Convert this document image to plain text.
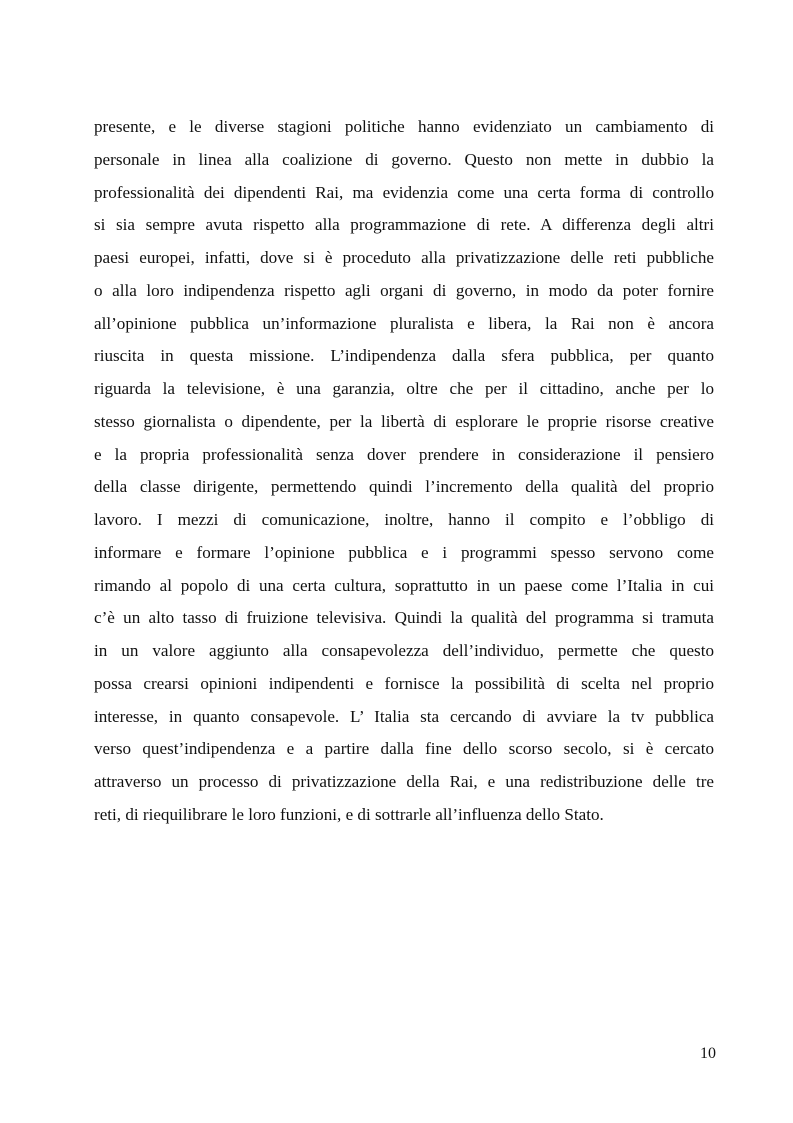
presente, e le diverse stagioni politiche hanno evidenziato un cambiamento di
personale in linea alla coalizione di governo. Questo non mette in dubbio la
professionalità dei dipendenti Rai, ma evidenzia come una certa forma di controllo
si sia sempre avuta rispetto alla programmazione di rete. A differenza degli altri
paesi europei, infatti, dove si è proceduto alla privatizzazione delle reti pubbliche
o alla loro indipendenza rispetto agli organi di governo, in modo da poter fornire
all’opinione pubblica un’informazione pluralista e libera, la Rai non è ancora
riuscita in questa missione. L’indipendenza dalla sfera pubblica, per quanto
riguarda la televisione, è una garanzia, oltre che per il cittadino, anche per lo
stesso giornalista o dipendente, per la libertà di esplorare le proprie risorse creative
e la propria professionalità senza dover prendere in considerazione il pensiero
della classe dirigente, permettendo quindi l’incremento della qualità del proprio
lavoro. I mezzi di comunicazione, inoltre, hanno il compito e l’obbligo di
informare e formare l’opinione pubblica e i programmi spesso servono come
rimando al popolo di una certa cultura, soprattutto in un paese come l’Italia in cui
c’è un alto tasso di fruizione televisiva. Quindi la qualità del programma si tramuta
in un valore aggiunto alla consapevolezza dell’individuo, permette che questo
possa crearsi opinioni indipendenti e fornisce la possibilità di scelta nel proprio
interesse, in quanto consapevole. L’ Italia sta cercando di avviare la tv pubblica
verso quest’indipendenza e a partire dalla fine dello scorso secolo, si è cercato
attraverso un processo di privatizzazione della Rai, e una redistribuzione delle tre
reti, di riequilibrare le loro funzioni, e di sottrarle all’influenza dello Stato.
10
